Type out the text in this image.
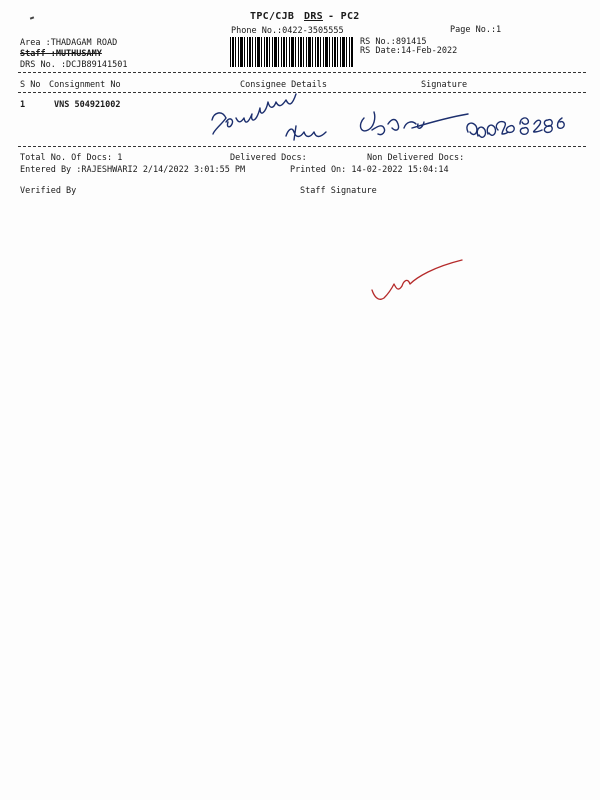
TPC/CJB DRS - PC2
Phone No.:0422-3505555	Page No.:1
Area :THADAGAM ROAD
Staff :MUTHUSAMY
DRS No. :DCJB89141501
RS No.:891415
RS Date:14-Feb-2022
S No Consignment No	Consignee Details	Signature
1	VNS 504921002
Total No. Of Docs: 1	Delivered Docs:	Non Delivered Docs:
Entered By :RAJESHWARI2 2/14/2022 3:01:55 PM	Printed On: 14-02-2022 15:04:14
Verified By	Staff Signature
